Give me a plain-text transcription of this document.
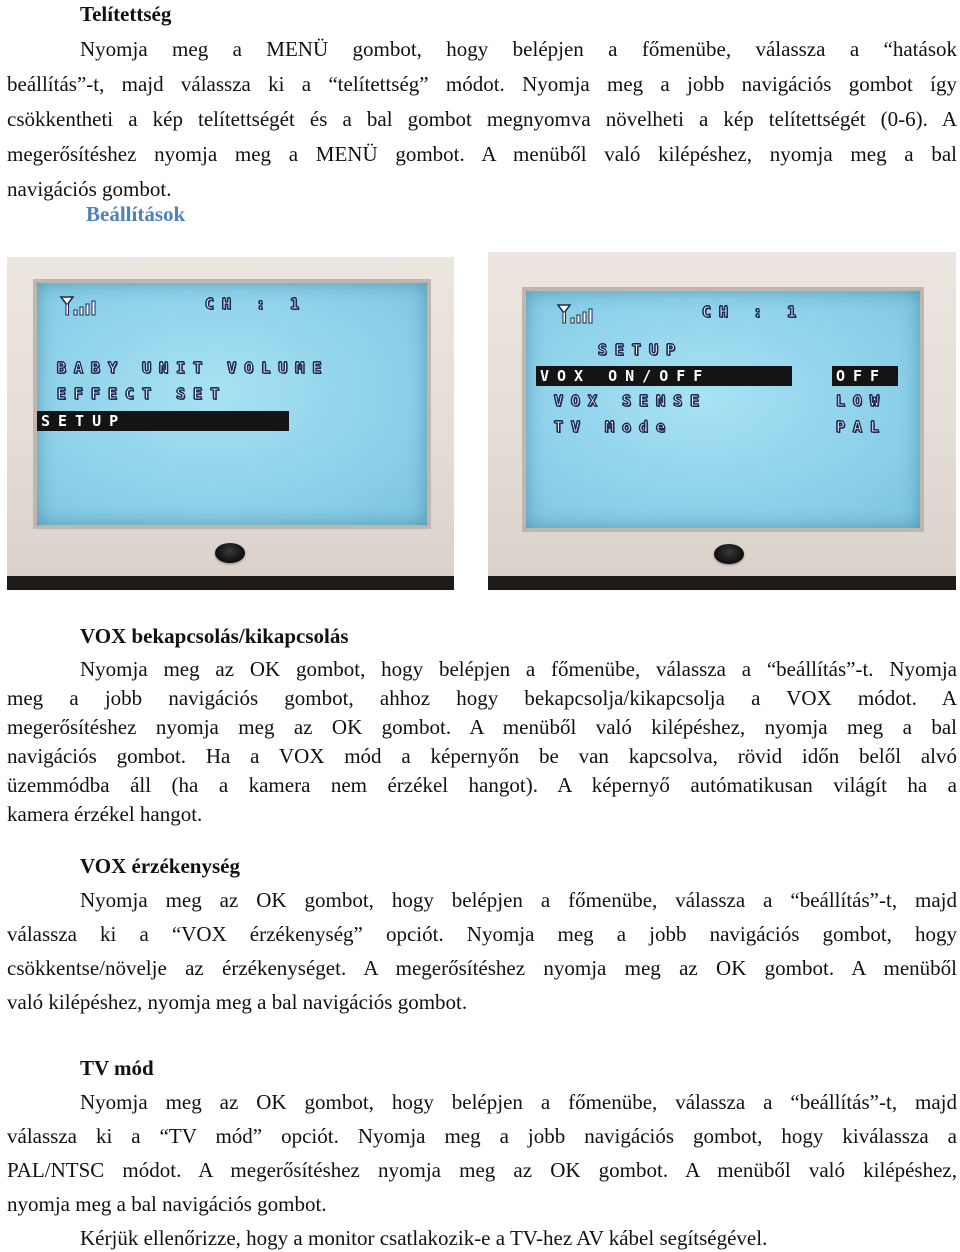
Telítettség
Nyomja meg a MENÜ gombot, hogy belépjen a főmenübe, válassza a “hatások
beállítás”-t, majd válassza ki a “telítettség” módot. Nyomja meg a jobb navigációs gombot így
csökkentheti a kép telítettségét és a bal gombot megnyomva növelheti a kép telítettségét (0-6). A
megerősítéshez nyomja meg a MENÜ gombot. A menüből való kilépéshez, nyomja meg a bal
navigációs gombot.
Beállítások
CH : 1
BABY UNIT VOLUME
EFFECT SET
SETUP
CH : 1
SETUP
VOX ON/OFF	OFF
VOX SENSE	LOW
TV Mode	PAL
VOX bekapcsolás/kikapcsolás
Nyomja meg az OK gombot, hogy belépjen a főmenübe, válassza a “beállítás”-t. Nyomja
meg a jobb navigációs gombot, ahhoz hogy bekapcsolja/kikapcsolja a VOX módot. A
megerősítéshez nyomja meg az OK gombot. A menüből való kilépéshez, nyomja meg a bal
navigációs gombot. Ha a VOX mód a képernyőn be van kapcsolva, rövid időn belől alvó
üzemmódba áll (ha a kamera nem érzékel hangot). A képernyő autómatikusan világít ha a
kamera érzékel hangot.
VOX érzékenység
Nyomja meg az OK gombot, hogy belépjen a főmenübe, válassza a “beállítás”-t, majd
válassza ki a “VOX érzékenység” opciót. Nyomja meg a jobb navigációs gombot, hogy
csökkentse/növelje az érzékenységet. A megerősítéshez nyomja meg az OK gombot. A menüből
való kilépéshez, nyomja meg a bal navigációs gombot.
TV mód
Nyomja meg az OK gombot, hogy belépjen a főmenübe, válassza a “beállítás”-t, majd
válassza ki a “TV mód” opciót. Nyomja meg a jobb navigációs gombot, hogy kiválassza a
PAL/NTSC módot. A megerősítéshez nyomja meg az OK gombot. A menüből való kilépéshez,
nyomja meg a bal navigációs gombot.
Kérjük ellenőrizze, hogy a monitor csatlakozik-e a TV-hez AV kábel segítségével.
